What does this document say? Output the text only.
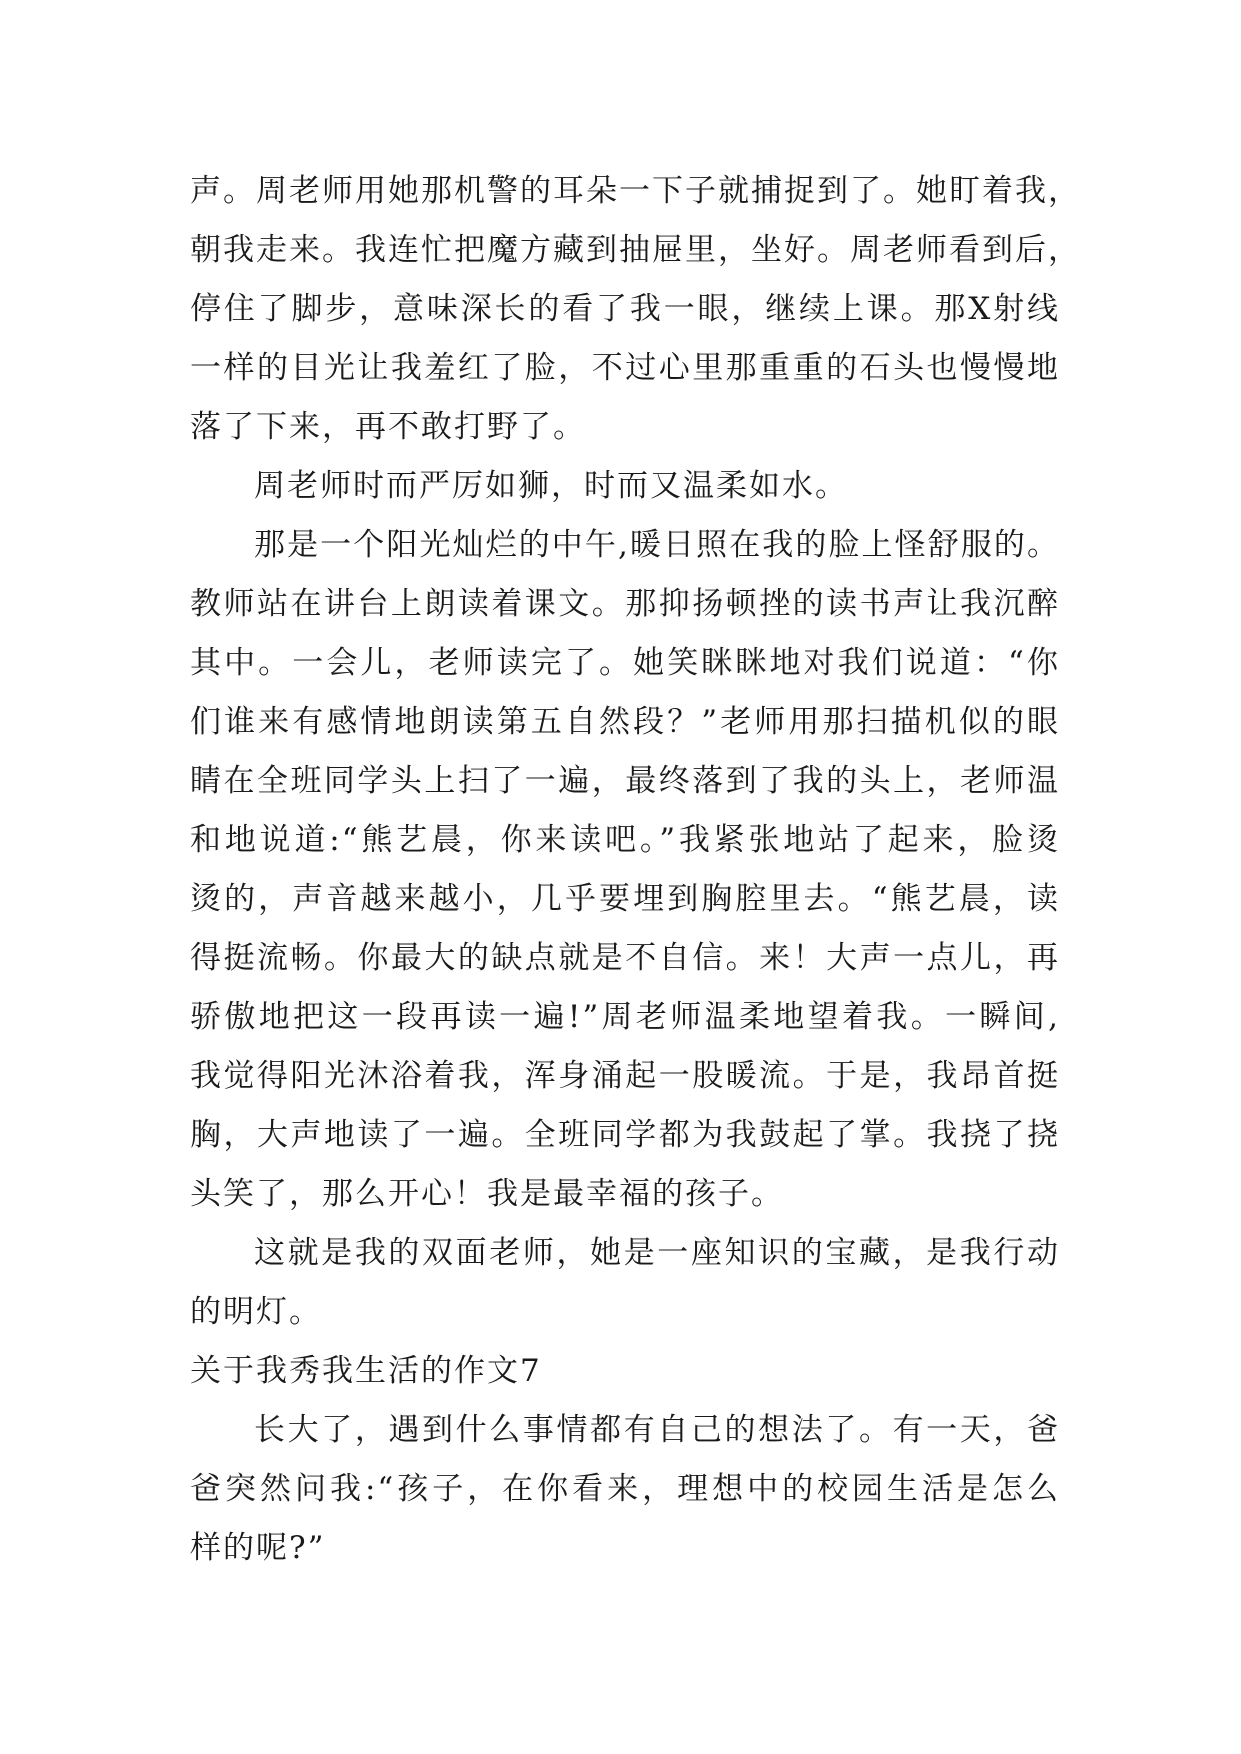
声。周老师用她那机警的耳朵一下子就捕捉到了。她盯着我，
朝我走来。我连忙把魔方藏到抽屉里，坐好。周老师看到后，
停住了脚步，意味深长的看了我一眼，继续上课。那X射线
一样的目光让我羞红了脸，不过心里那重重的石头也慢慢地
落了下来，再不敢打野了。
周老师时而严厉如狮，时而又温柔如水。
那是一个阳光灿烂的中午,暖日照在我的脸上怪舒服的。
教师站在讲台上朗读着课文。那抑扬顿挫的读书声让我沉醉
其中。一会儿，老师读完了。她笑眯眯地对我们说道：“你
们谁来有感情地朗读第五自然段？”老师用那扫描机似的眼
睛在全班同学头上扫了一遍，最终落到了我的头上，老师温
和地说道:“熊艺晨，你来读吧。”我紧张地站了起来，脸烫
烫的，声音越来越小，几乎要埋到胸腔里去。“熊艺晨，读
得挺流畅。你最大的缺点就是不自信。来！大声一点儿，再
骄傲地把这一段再读一遍!”周老师温柔地望着我。一瞬间,
我觉得阳光沐浴着我，浑身涌起一股暖流。于是，我昂首挺
胸，大声地读了一遍。全班同学都为我鼓起了掌。我挠了挠
头笑了，那么开心！我是最幸福的孩子。
这就是我的双面老师，她是一座知识的宝藏，是我行动
的明灯。
关于我秀我生活的作文7
长大了，遇到什么事情都有自己的想法了。有一天，爸
爸突然问我:“孩子，在你看来，理想中的校园生活是怎么
样的呢?”
